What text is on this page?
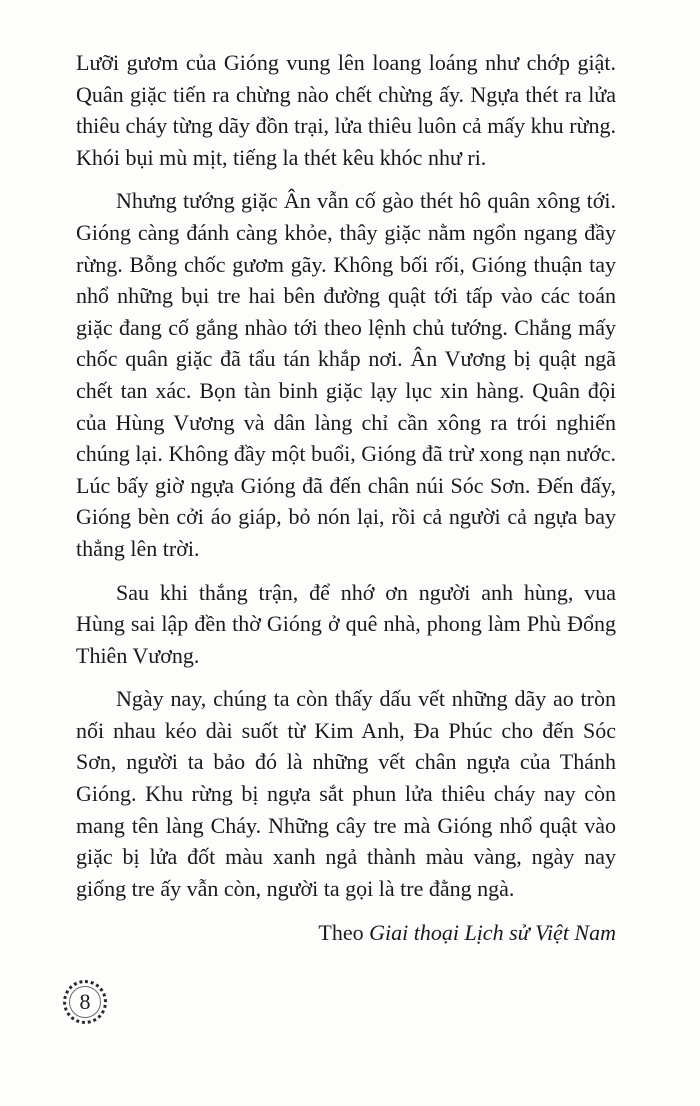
Lưỡi gươm của Gióng vung lên loang loáng như chớp giật. Quân giặc tiến ra chừng nào chết chừng ấy. Ngựa thét ra lửa thiêu cháy từng dãy đồn trại, lửa thiêu luôn cả mấy khu rừng. Khói bụi mù mịt, tiếng la thét kêu khóc như ri.

Nhưng tướng giặc Ân vẫn cố gào thét hô quân xông tới. Gióng càng đánh càng khỏe, thây giặc nằm ngổn ngang đầy rừng. Bỗng chốc gươm gãy. Không bối rối, Gióng thuận tay nhổ những bụi tre hai bên đường quật tới tấp vào các toán giặc đang cố gắng nhào tới theo lệnh chủ tướng. Chẳng mấy chốc quân giặc đã tẩu tán khắp nơi. Ân Vương bị quật ngã chết tan xác. Bọn tàn binh giặc lạy lục xin hàng. Quân đội của Hùng Vương và dân làng chỉ cần xông ra trói nghiến chúng lại. Không đầy một buổi, Gióng đã trừ xong nạn nước. Lúc bấy giờ ngựa Gióng đã đến chân núi Sóc Sơn. Đến đấy, Gióng bèn cởi áo giáp, bỏ nón lại, rồi cả người cả ngựa bay thẳng lên trời.

Sau khi thắng trận, để nhớ ơn người anh hùng, vua Hùng sai lập đền thờ Gióng ở quê nhà, phong làm Phù Đổng Thiên Vương.

Ngày nay, chúng ta còn thấy dấu vết những dãy ao tròn nối nhau kéo dài suốt từ Kim Anh, Đa Phúc cho đến Sóc Sơn, người ta bảo đó là những vết chân ngựa của Thánh Gióng. Khu rừng bị ngựa sắt phun lửa thiêu cháy nay còn mang tên làng Cháy. Những cây tre mà Gióng nhổ quật vào giặc bị lửa đốt màu xanh ngả thành màu vàng, ngày nay giống tre ấy vẫn còn, người ta gọi là tre đằng ngà.

Theo Giai thoại Lịch sử Việt Nam

8
